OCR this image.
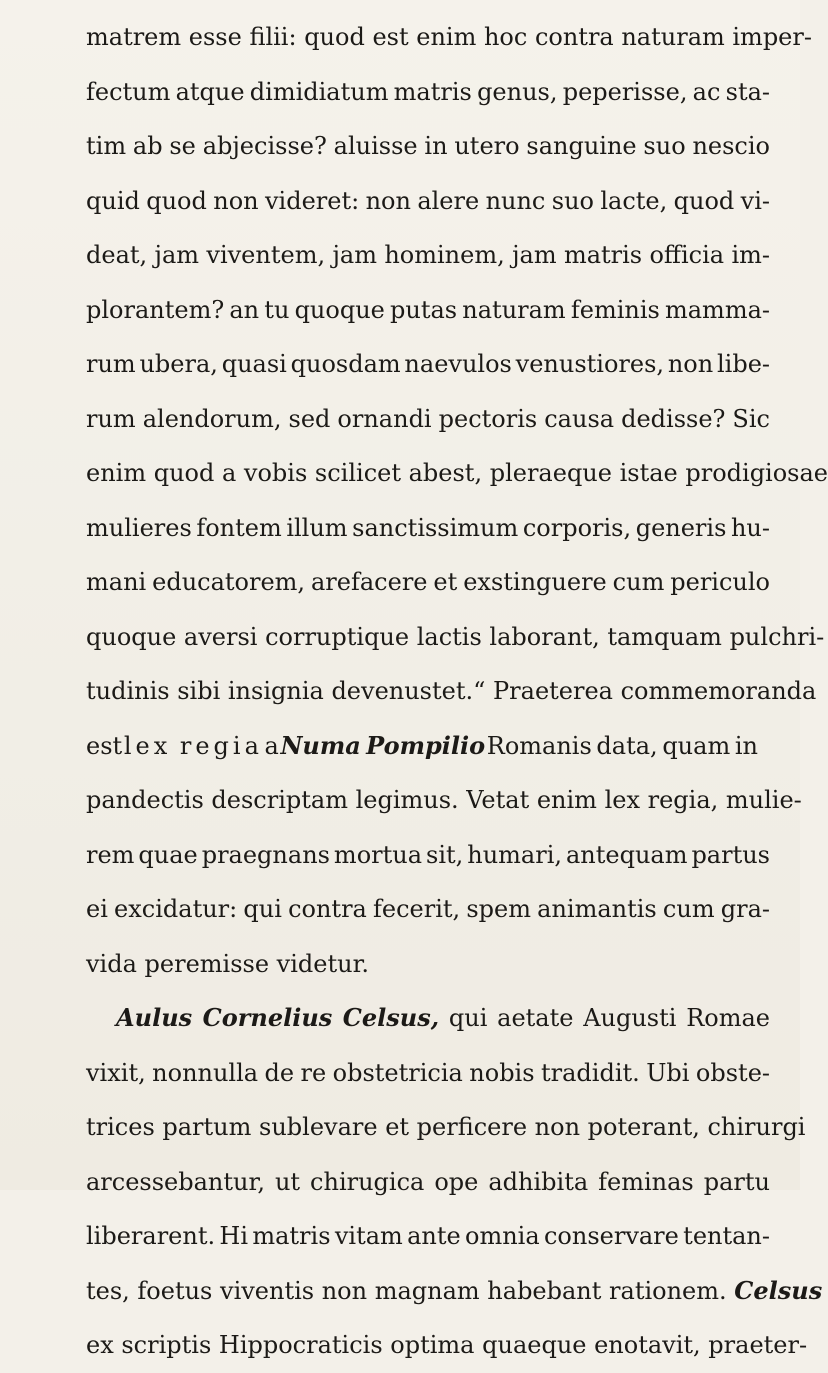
matrem esse filii: quod est enim hoc contra naturam imper-
fectum atque dimidiatum matris genus, peperisse, ac sta-
tim ab se abjecisse? aluisse in utero sanguine suo nescio
quid quod non videret: non alere nunc suo lacte, quod vi-
deat, jam viventem, jam hominem, jam matris officia im-
plorantem? an tu quoque putas naturam feminis mamma-
rum ubera, quasi quosdam naevulos venustiores, non libe-
rum alendorum, sed ornandi pectoris causa dedisse? Sic
enim quod a vobis scilicet abest, pleraeque istae prodigiosae
mulieres fontem illum sanctissimum corporis, generis hu-
mani educatorem, arefacere et exstinguere cum periculo
quoque aversi corruptique lactis laborant, tamquam pulchri-
tudinis sibi insignia devenustet.“ Praeterea commemoranda
est
lex regia
a
Numa Pompilio
Romanis data, quam in
pandectis descriptam legimus. Vetat enim lex regia, mulie-
rem quae praegnans mortua sit, humari, antequam partus
ei excidatur: qui contra fecerit, spem animantis cum gra-
vida peremisse videtur.
Aulus Cornelius Celsus,
qui aetate Augusti Romae
vixit, nonnulla de re obstetricia nobis tradidit. Ubi obste-
trices partum sublevare et perficere non poterant, chirurgi
arcessebantur, ut chirugica ope adhibita feminas partu
liberarent. Hi matris vitam ante omnia conservare tentan-
tes, foetus viventis non magnam habebant rationem.
Celsus
ex scriptis Hippocraticis optima quaeque enotavit, praeter-
